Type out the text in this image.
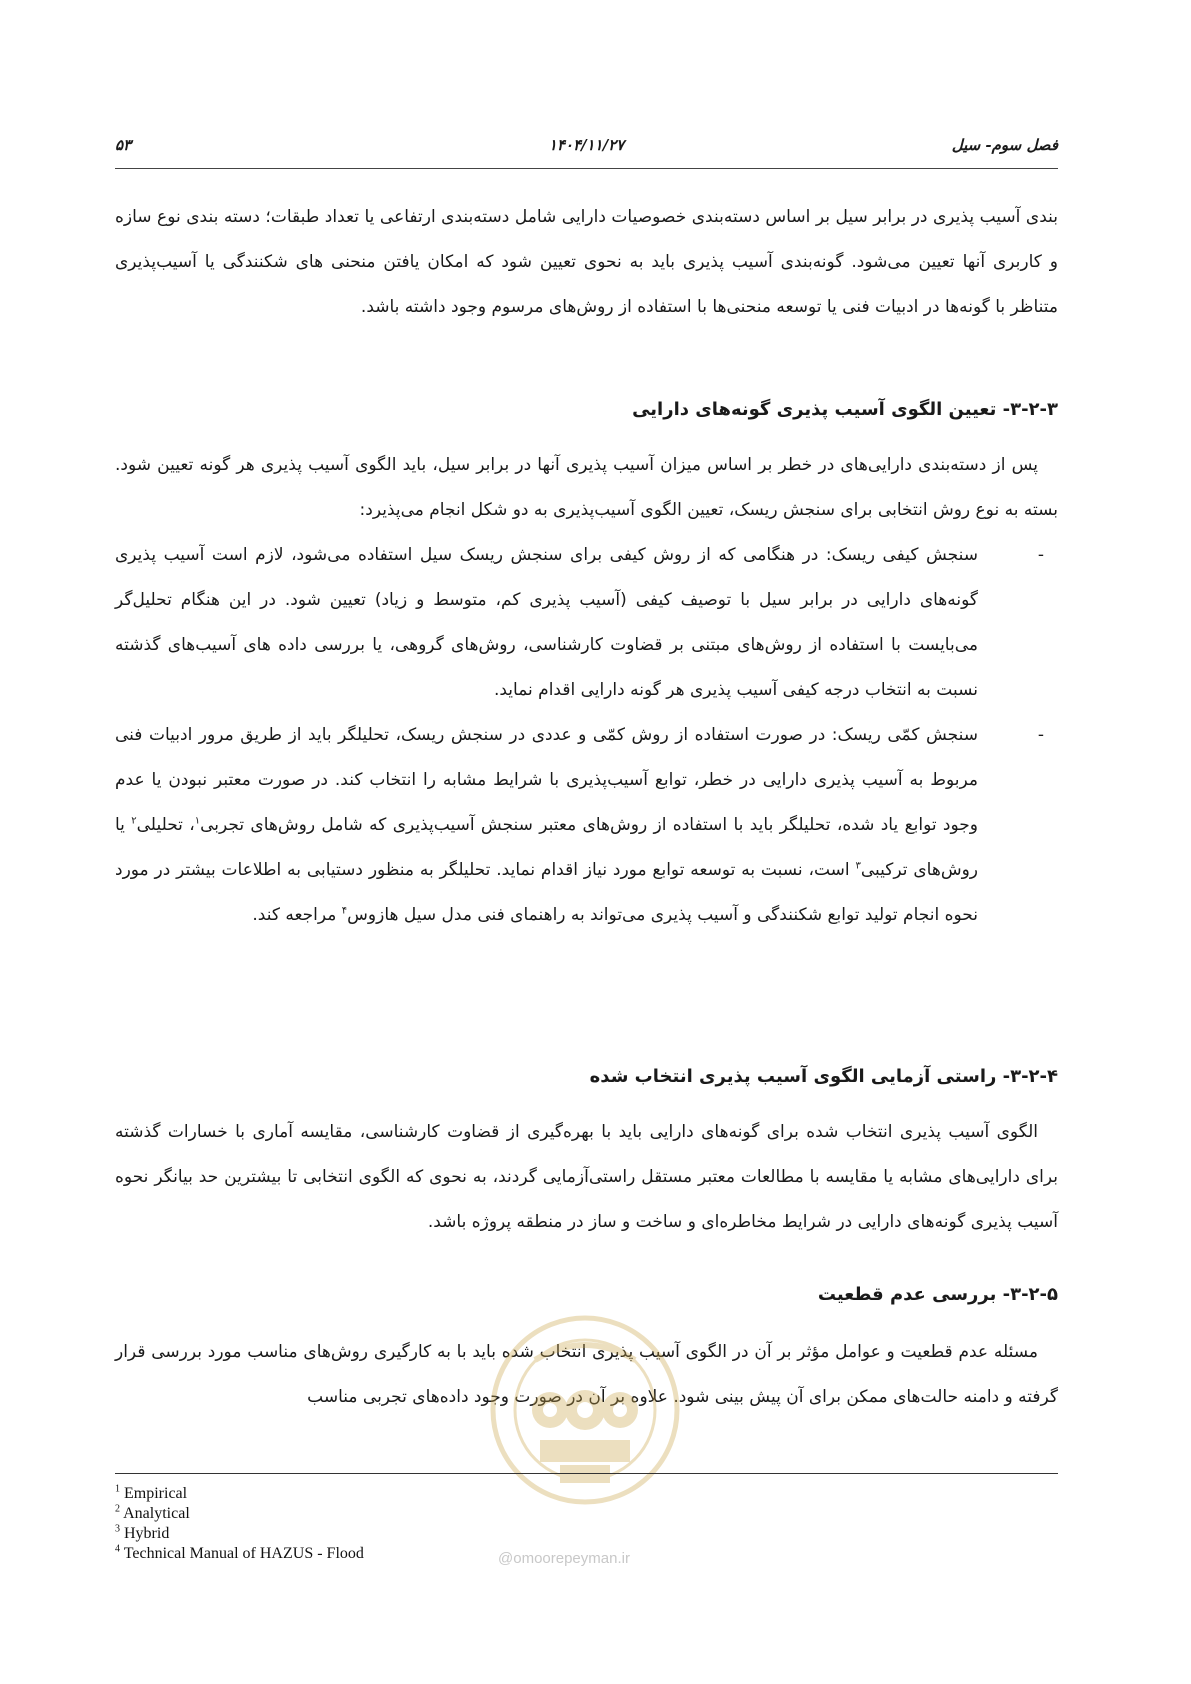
فصل سوم- سیل
۱۴۰۴/۱۱/۲۷
۵۳
بندی آسیب پذیری در برابر سیل بر اساس دسته‌بندی خصوصیات دارایی شامل دسته‌بندی ارتفاعی یا تعداد طبقات؛ دسته بندی نوع سازه و کاربری آنها تعیین می‌شود. گونه‌بندی آسیب پذیری باید به نحوی تعیین شود که امکان یافتن منحنی های شکنندگی یا آسیب‌پذیری متناظر با گونه‌ها در ادبیات فنی یا توسعه منحنی‌ها با استفاده از روش‌های مرسوم وجود داشته باشد.
۳-۲-۳- تعیین الگوی آسیب پذیری گونه‌های دارایی
پس از دسته‌بندی دارایی‌های در خطر بر اساس میزان آسیب پذیری آنها در برابر سیل، باید الگوی آسیب پذیری هر گونه تعیین شود. بسته به نوع روش انتخابی برای سنجش ریسک، تعیین الگوی آسیب‌پذیری به دو شکل انجام می‌پذیرد:
-
سنجش کیفی ریسک: در هنگامی که از روش کیفی برای سنجش ریسک سیل استفاده می‌شود، لازم است آسیب پذیری گونه‌های دارایی در برابر سیل با توصیف کیفی (آسیب پذیری کم، متوسط و زیاد) تعیین شود. در این هنگام تحلیل‌گر می‌بایست با استفاده از روش‌های مبتنی بر قضاوت کارشناسی، روش‌های گروهی، یا بررسی داده های آسیب‌های گذشته نسبت به انتخاب درجه کیفی آسیب پذیری هر گونه دارایی اقدام نماید.
-
سنجش کمّی ریسک: در صورت استفاده از روش کمّی و عددی در سنجش ریسک، تحلیلگر باید از طریق مرور ادبیات فنی مربوط به آسیب پذیری دارایی در خطر، توابع آسیب‌پذیری با شرایط مشابه را انتخاب کند. در صورت معتبر نبودن یا عدم وجود توابع یاد شده، تحلیلگر باید با استفاده از روش‌های معتبر سنجش آسیب‌پذیری که شامل روش‌های تجربی$^۱$، تحلیلی$^۲$ یا روش‌های ترکیبی$^۳$ است، نسبت به توسعه توابع مورد نیاز اقدام نماید. تحلیلگر به منظور دستیابی به اطلاعات بیشتر در مورد نحوه انجام تولید توابع شکنندگی و آسیب پذیری می‌تواند به راهنمای فنی مدل سیل هازوس$^۴$ مراجعه کند.
۳-۲-۴- راستی آزمایی الگوی آسیب پذیری انتخاب شده
الگوی آسیب پذیری انتخاب شده برای گونه‌های دارایی باید با بهره‌گیری از قضاوت کارشناسی، مقایسه آماری با خسارات گذشته برای دارایی‌های مشابه یا مقایسه با مطالعات معتبر مستقل راستی‌آزمایی گردند، به نحوی که الگوی انتخابی تا بیشترین حد بیانگر نحوه آسیب پذیری گونه‌های دارایی در شرایط مخاطره‌ای و ساخت و ساز در منطقه پروژه باشد.
۳-۲-۵- بررسی عدم قطعیت
مسئله عدم قطعیت و عوامل مؤثر بر آن در الگوی آسیب پذیری انتخاب شده باید با به کارگیری روش‌های مناسب مورد بررسی قرار گرفته و دامنه حالت‌های ممکن برای آن پیش بینی شود. علاوه بر آن در صورت وجود داده‌های تجربی مناسب
@omoorepeyman.ir
$^1$ Empirical
$^2$ Analytical
$^3$ Hybrid
$^4$ Technical Manual of HAZUS - Flood
